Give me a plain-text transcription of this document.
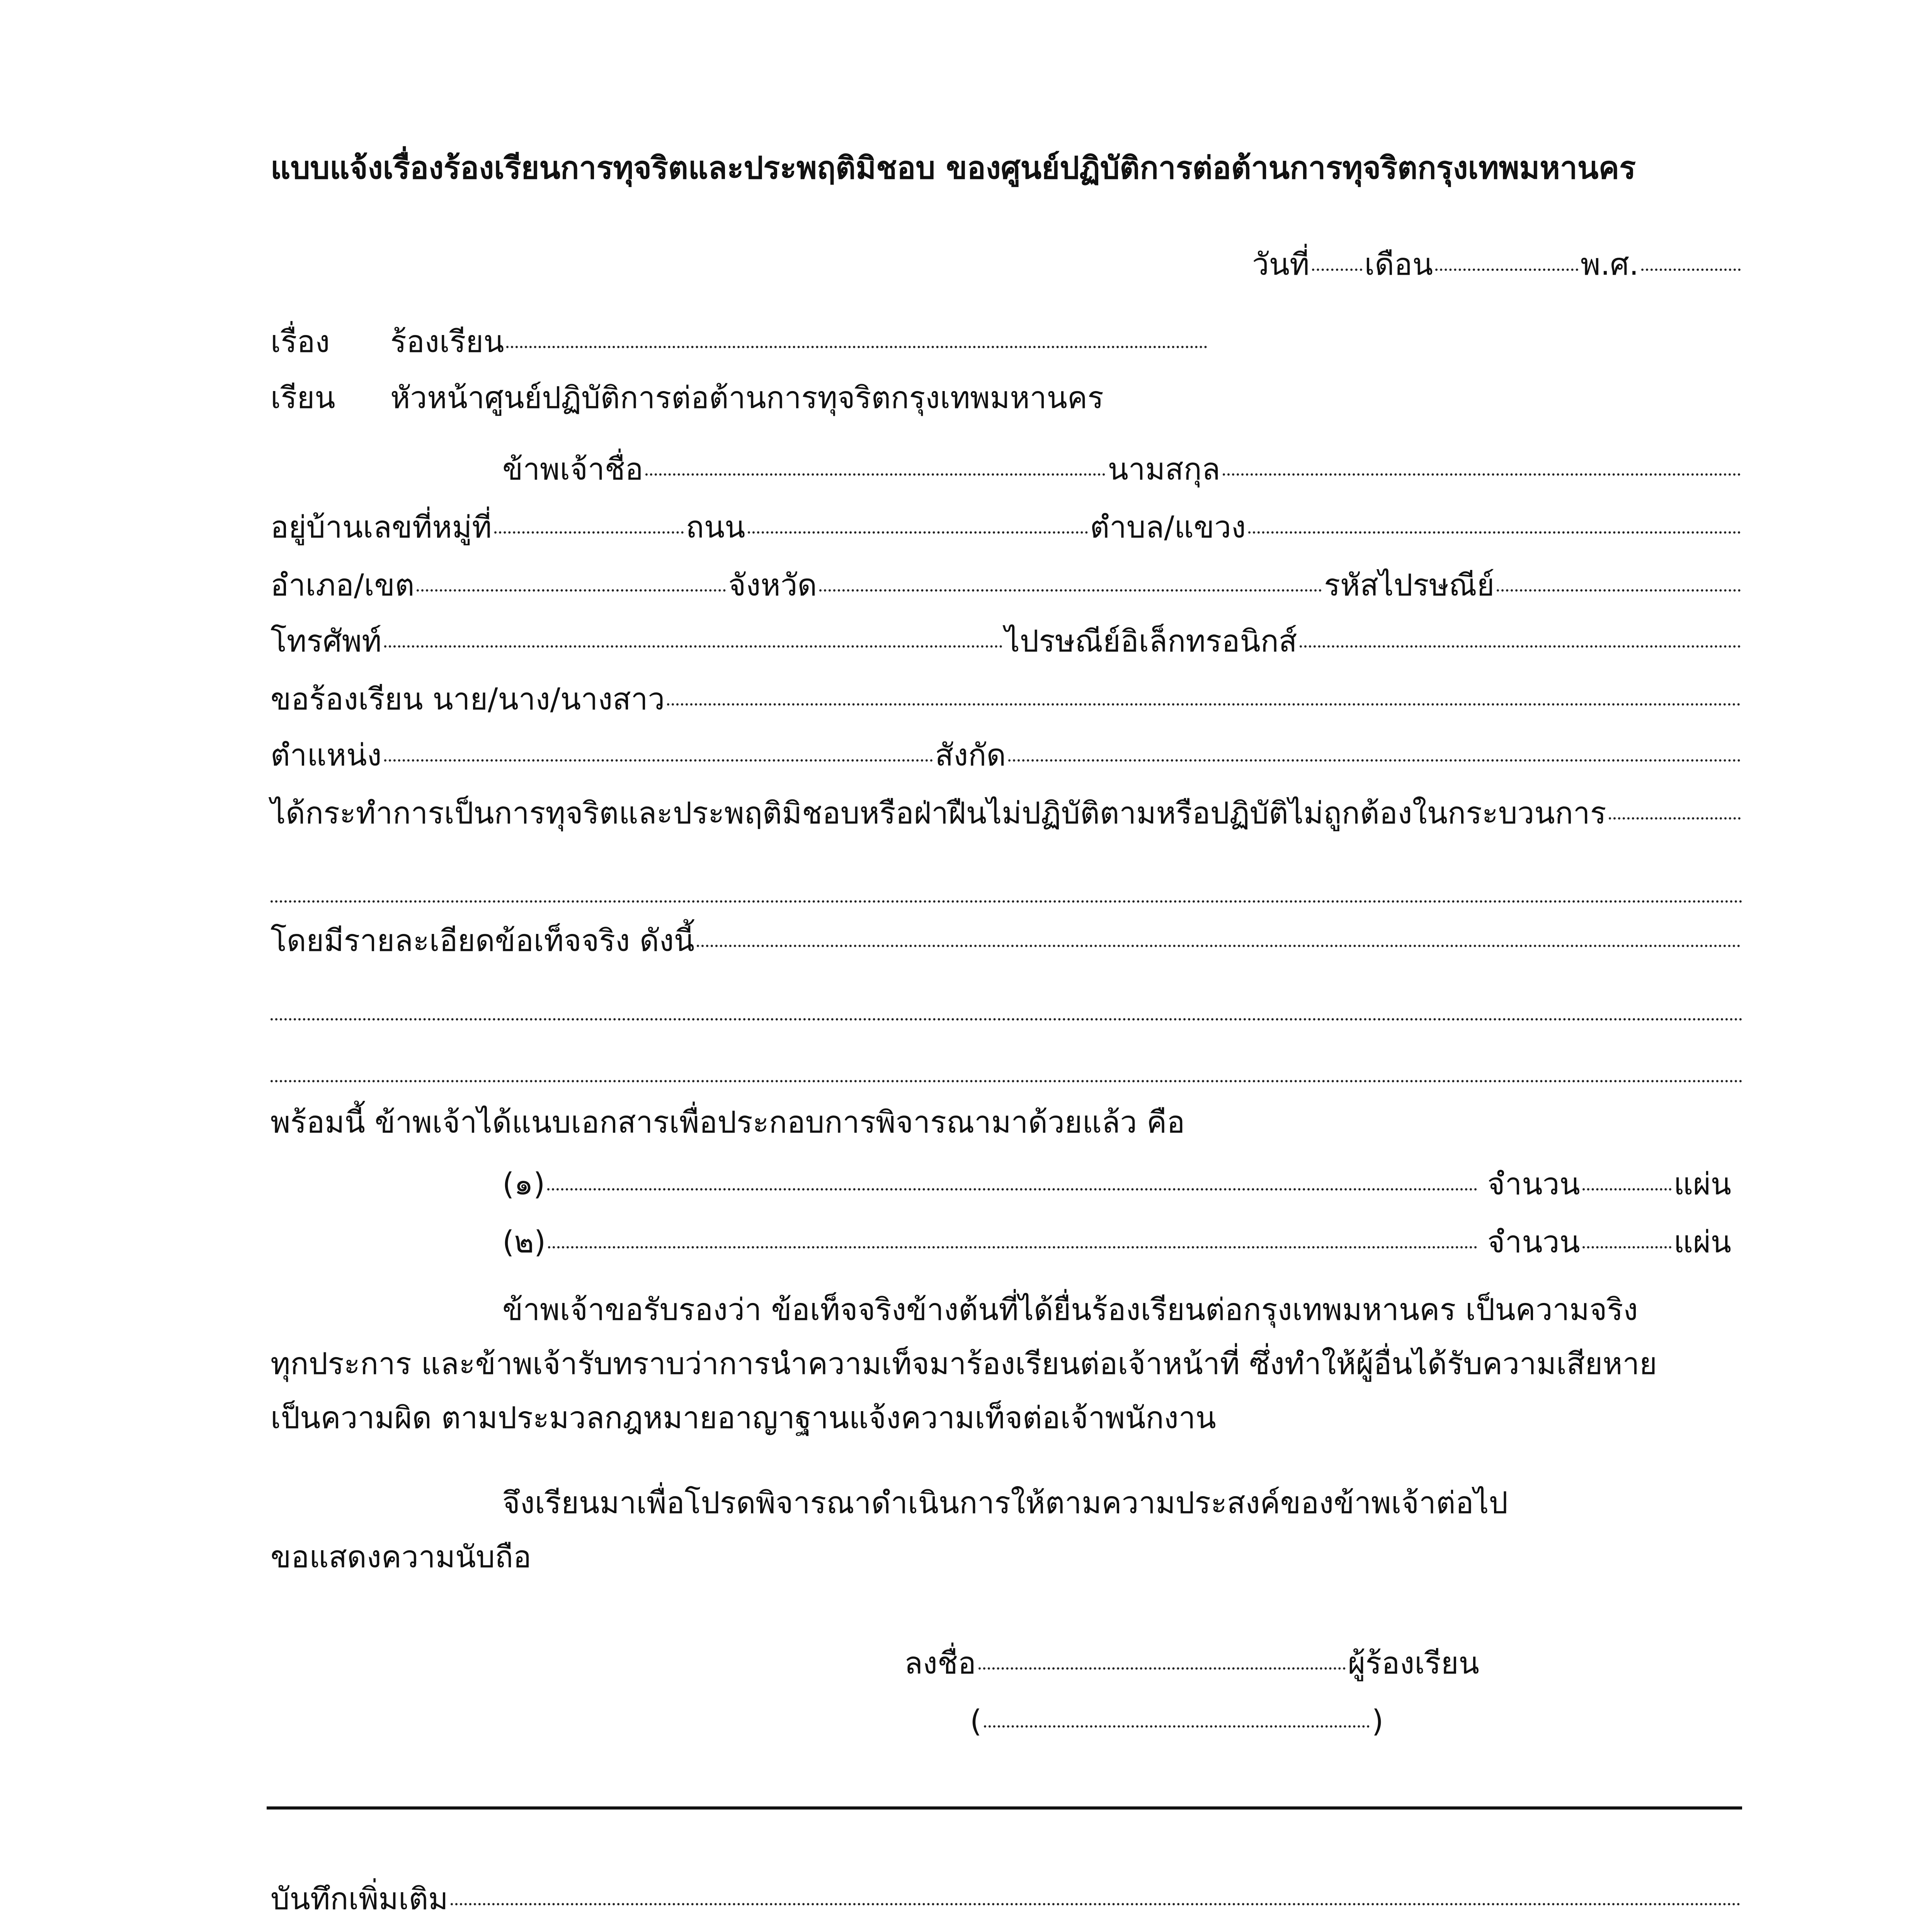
แบบแจ้งเรื่องร้องเรียนการทุจริตและประพฤติมิชอบ ของศูนย์ปฏิบัติการต่อต้านการทุจริตกรุงเทพมหานคร
วันที่ เดือน	พ.ศ.
เรื่อง	ร้องเรียน
เรียน	หัวหน้าศูนย์ปฏิบัติการต่อต้านการทุจริตกรุงเทพมหานคร
ข้าพเจ้าชื่อ	นามสกุล
อยู่บ้านเลขที่หมู่ที่	ถนน	ตำบล/แขวง
อำเภอ/เขต	จังหวัด	รหัสไปรษณีย์
โทรศัพท์	ไปรษณีย์อิเล็กทรอนิกส์
ขอร้องเรียน นาย/นาง/นางสาว
ตำแหน่ง	สังกัด
ได้กระทำการเป็นการทุจริตและประพฤติมิชอบหรือฝ่าฝืนไม่ปฏิบัติตามหรือปฏิบัติไม่ถูกต้องในกระบวนการ
โดยมีรายละเอียดข้อเท็จจริง ดังนี้
พร้อมนี้ ข้าพเจ้าได้แนบเอกสารเพื่อประกอบการพิจารณามาด้วยแล้ว คือ
(๑)	จำนวน	แผ่น
(๒)	จำนวน	แผ่น
ข้าพเจ้าขอรับรองว่า ข้อเท็จจริงข้างต้นที่ได้ยื่นร้องเรียนต่อกรุงเทพมหานคร เป็นความจริง
ทุกประการ และข้าพเจ้ารับทราบว่าการนำความเท็จมาร้องเรียนต่อเจ้าหน้าที่ ซึ่งทำให้ผู้อื่นได้รับความเสียหาย
เป็นความผิด ตามประมวลกฎหมายอาญาฐานแจ้งความเท็จต่อเจ้าพนักงาน
จึงเรียนมาเพื่อโปรดพิจารณาดำเนินการให้ตามความประสงค์ของข้าพเจ้าต่อไป
ขอแสดงความนับถือ
ลงชื่อ	ผู้ร้องเรียน
(	)
บันทึกเพิ่มเติม
